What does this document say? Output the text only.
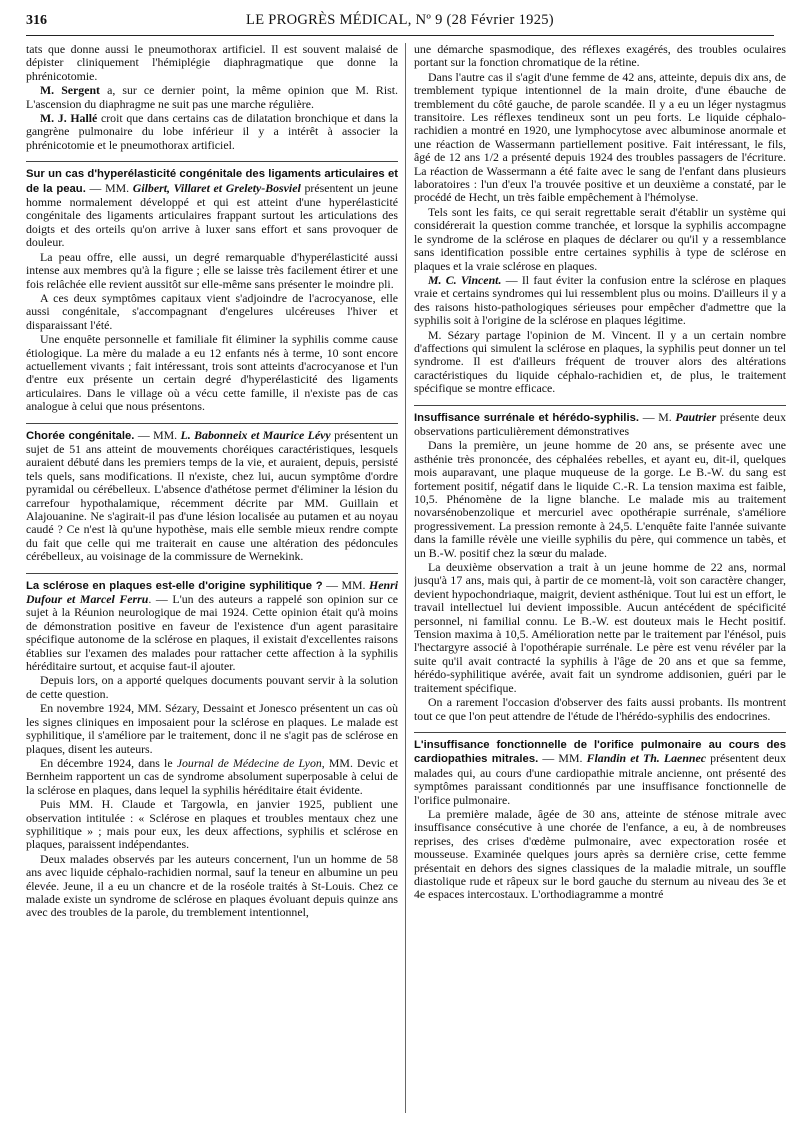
316	LE PROGRÈS MÉDICAL, Nº 9 (28 Février 1925)

tats que donne aussi le pneumothorax artificiel. Il est souvent malaisé de dépister cliniquement l'hémiplégie diaphragmatique que donne la phrénicotomie.

M. Sergent a, sur ce dernier point, la même opinion que M. Rist. L'ascension du diaphragme ne suit pas une marche régulière.

M. J. Hallé croit que dans certains cas de dilatation bronchique et dans la gangrène pulmonaire du lobe inférieur il y a intérêt à associer la phrénicotomie et le pneumothorax artificiel.

Sur un cas d'hyperélasticité congénitale des ligaments articulaires et de la peau. — MM. Gilbert, Villaret et Grelety-Bosviel présentent un jeune homme normalement développé et qui est atteint d'une hyperélasticité congénitale des ligaments articulaires frappant surtout les articulations des doigts et des orteils qu'on arrive à luxer sans effort et sans provoquer de douleur.

La peau offre, elle aussi, un degré remarquable d'hyperélasticité aussi intense aux membres qu'à la figure ; elle se laisse très facilement étirer et une fois relâchée elle revient aussitôt sur elle-même sans présenter le moindre pli.

A ces deux symptômes capitaux vient s'adjoindre de l'acrocyanose, elle aussi congénitale, s'accompagnant d'engelures ulcéreuses l'hiver et disparaissant l'été.

Une enquête personnelle et familiale fit éliminer la syphilis comme cause étiologique. La mère du malade a eu 12 enfants nés à terme, 10 sont encore actuellement vivants ; fait intéressant, trois sont atteints d'acrocyanose et l'un d'entre eux présente un certain degré d'hyperélasticité des ligaments articulaires. Dans le village où a vécu cette famille, il n'existe pas de cas analogue à celui que nous présentons.

Chorée congénitale. — MM. L. Babonneix et Maurice Lévy présentent un sujet de 51 ans atteint de mouvements choréiques caractéristiques, lesquels auraient débuté dans les premiers temps de la vie, et auraient, depuis, persisté tels quels, sans modifications. Il n'existe, chez lui, aucun symptôme d'ordre pyramidal ou cérébelleux. L'absence d'athétose permet d'éliminer la lésion du carrefour hypothalamique, récemment décrite par MM. Guillain et Alajouanine. Ne s'agirait-il pas d'une lésion localisée au putamen et au noyau caudé ? Ce n'est là qu'une hypothèse, mais elle semble mieux rendre compte du fait que celle qui me traiterait en cause une altération des pédoncules cérébelleux, au voisinage de la commissure de Wernekink.

La sclérose en plaques est-elle d'origine syphilitique ? — MM. Henri Dufour et Marcel Ferru. — L'un des auteurs a rappelé son opinion sur ce sujet à la Réunion neurologique de mai 1924. Cette opinion était qu'à moins de démonstration positive en faveur de l'existence d'un agent parasitaire spécifique autonome de la sclérose en plaques, il existait d'excellentes raisons établies sur l'examen des malades pour rattacher cette affection à la syphilis héréditaire surtout, et acquise faut-il ajouter.

Depuis lors, on a apporté quelques documents pouvant servir à la solution de cette question.

En novembre 1924, MM. Sézary, Dessaint et Jonesco présentent un cas où les signes cliniques en imposaient pour la sclérose en plaques. Le malade est syphilitique, il s'améliore par le traitement, donc il ne s'agit pas de sclérose en plaques, disent les auteurs.

En décembre 1924, dans le Journal de Médecine de Lyon, MM. Devic et Bernheim rapportent un cas de syndrome absolument superposable à celui de la sclérose en plaques, dans lequel la syphilis héréditaire était évidente.

Puis MM. H. Claude et Targowla, en janvier 1925, publient une observation intitulée : « Sclérose en plaques et troubles mentaux chez une syphilitique » ; mais pour eux, les deux affections, syphilis et sclérose en plaques, paraissent indépendantes.

Deux malades observés par les auteurs concernent, l'un un homme de 58 ans avec liquide céphalo-rachidien normal, sauf la teneur en albumine un peu élevée. Jeune, il a eu un chancre et de la roséole traités à St-Louis. Chez ce malade existe un syndrome de sclérose en plaques évoluant depuis quinze ans avec des troubles de la parole, du tremblement intentionnel,

une démarche spasmodique, des réflexes exagérés, des troubles oculaires portant sur la fonction chromatique de la rétine.

Dans l'autre cas il s'agit d'une femme de 42 ans, atteinte, depuis dix ans, de tremblement typique intentionnel de la main droite, d'une ébauche de tremblement du côté gauche, de parole scandée. Il y a eu un léger nystagmus transitoire. Les réflexes tendineux sont un peu forts. Le liquide céphalo-rachidien a montré en 1920, une lymphocytose avec albuminose anormale et une réaction de Wassermann partiellement positive. Fait intéressant, le fils, âgé de 12 ans 1/2 a présenté depuis 1924 des troubles passagers de l'écriture. La réaction de Wassermann a été faite avec le sang de l'enfant dans plusieurs laboratoires : l'un d'eux l'a trouvée positive et un deuxième a constaté, par le procédé de Hecht, un très faible empêchement à l'hémolyse.

Tels sont les faits, ce qui serait regrettable serait d'établir un système qui considérerait la question comme tranchée, et lorsque la syphilis accompagne le syndrome de la sclérose en plaques de déclarer ou qu'il y a ressemblance sans identification possible entre certaines syphilis à type de sclérose en plaques et la vraie sclérose en plaques.

M. C. Vincent. — Il faut éviter la confusion entre la sclérose en plaques vraie et certains syndromes qui lui ressemblent plus ou moins. D'ailleurs il y a des raisons histo-pathologiques sérieuses pour empêcher d'admettre que la syphilis soit à l'origine de la sclérose en plaques légitime.

M. Sézary partage l'opinion de M. Vincent. Il y a un certain nombre d'affections qui simulent la sclérose en plaques, la syphilis peut donner un tel syndrome. Il est d'ailleurs fréquent de trouver alors des altérations caractéristiques du liquide céphalo-rachidien et, de plus, le traitement spécifique se montre efficace.

Insuffisance surrénale et hérédo-syphilis. — M. Pautrier présente deux observations particulièrement démonstratives

Dans la première, un jeune homme de 20 ans, se présente avec une asthénie très prononcée, des céphalées rebelles, et ayant eu, dit-il, quelques mois auparavant, une plaque muqueuse de la gorge. Le B.-W. du sang est fortement positif, négatif dans le liquide C.-R. La tension maxima est faible, 10,5. Phénomène de la ligne blanche. Le malade mis au traitement novarsénobenzolique et mercuriel avec opothérapie surrénale, s'améliore progressivement. La pression remonte à 24,5. L'enquête faite l'année suivante dans la famille révèle une vieille syphilis du père, qui commence un tabès, et un B.-W. positif chez la sœur du malade.

La deuxième observation a trait à un jeune homme de 22 ans, normal jusqu'à 17 ans, mais qui, à partir de ce moment-là, voit son caractère changer, devient hypochondriaque, maigrit, devient asthénique. Tout lui est un effort, le travail intellectuel lui devient impossible. Aucun antécédent de spécificité personnel, ni familial connu. Le B.-W. est douteux mais le Hecht positif. Tension maxima à 10,5. Amélioration nette par le traitement par l'énésol, puis l'hectargyre associé à l'opothérapie surrénale. Le père est venu révéler par la suite qu'il avait contracté la syphilis à l'âge de 20 ans et que sa femme, hérédo-syphilitique avérée, avait fait un syndrome addisonien, guéri par le traitement spécifique.

On a rarement l'occasion d'observer des faits aussi probants. Ils montrent tout ce que l'on peut attendre de l'étude de l'hérédo-syphilis des endocrines.

L'insuffisance fonctionnelle de l'orifice pulmonaire au cours des cardiopathies mitrales. — MM. Flandin et Th. Laennec présentent deux malades qui, au cours d'une cardiopathie mitrale ancienne, ont présenté des symptômes paraissant conditionnés par une insuffisance fonctionnelle de l'orifice pulmonaire.

La première malade, âgée de 30 ans, atteinte de sténose mitrale avec insuffisance consécutive à une chorée de l'enfance, a eu, à de nombreuses reprises, des crises d'œdème pulmonaire, avec expectoration rosée et mousseuse. Examinée quelques jours après sa dernière crise, cette femme présentait en dehors des signes classiques de la maladie mitrale, un souffle diastolique rude et râpeux sur le bord gauche du sternum au niveau des 3e et 4e espaces intercostaux. L'orthodiagramme a montré
